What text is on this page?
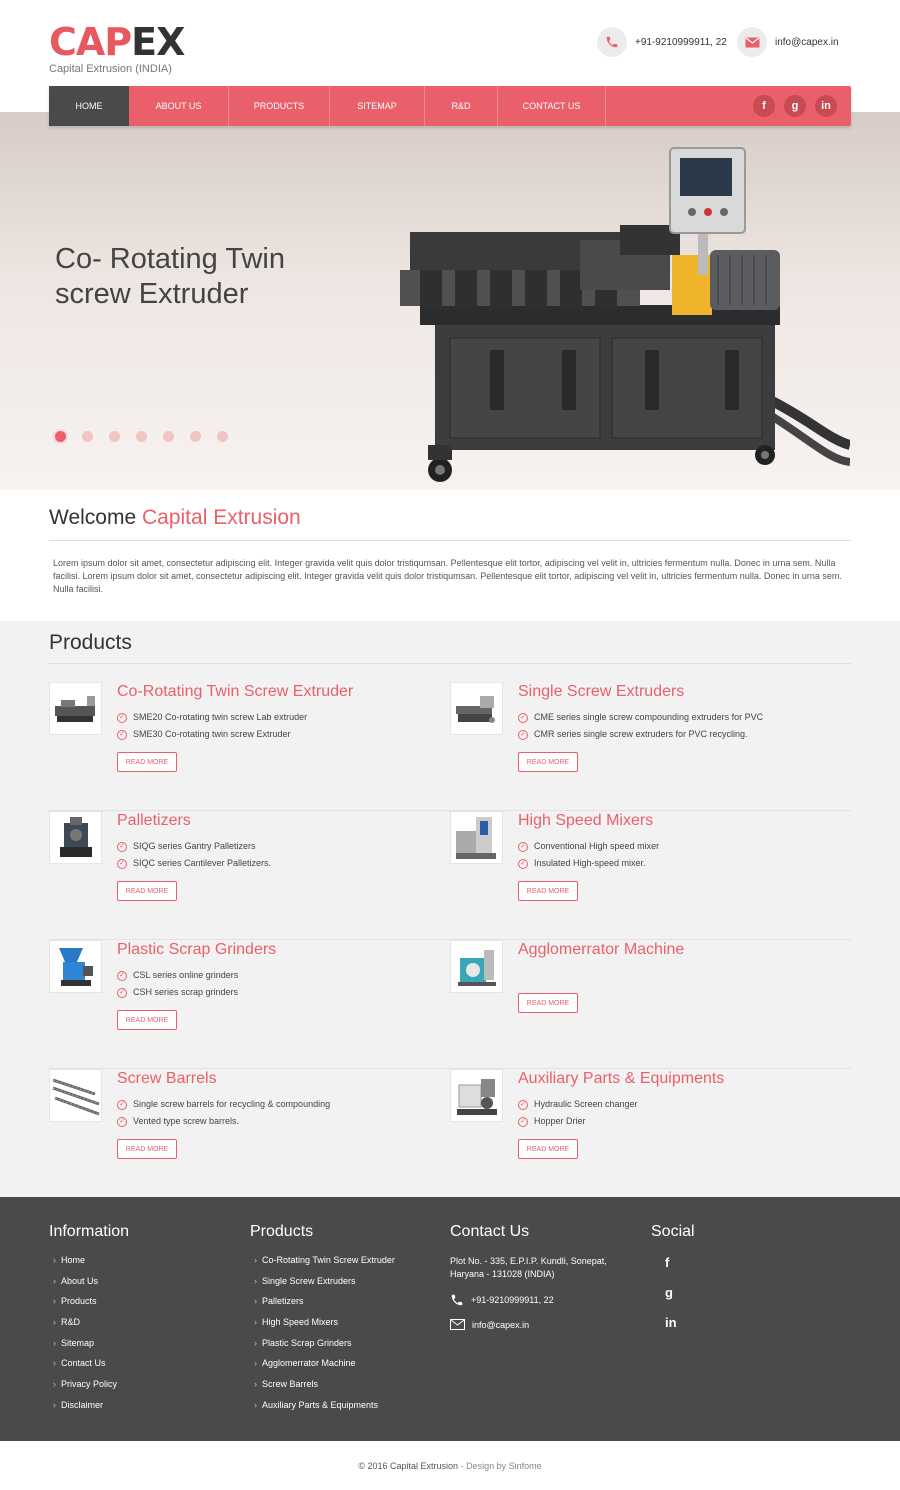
CAPEX
Capital Extrusion (INDIA)
+91-9210999911, 22	info@capex.in
Co- Rotating Twin
screw Extruder
HOME	ABOUT US	PRODUCTS	SITEMAP	R&D	CONTACT US	f	g	in
Welcome Capital Extrusion

Lorem ipsum dolor sit amet, consectetur adipiscing elit. Integer gravida velit quis dolor tristiqumsan. Pellentesque elit tortor, adipiscing vel velit in, ultricies fermentum nulla. Donec in urna sem. Nulla facilisi. Lorem ipsum dolor sit amet, consectetur adipiscing elit. Integer gravida velit quis dolor tristiqumsan. Pellentesque elit tortor, adipiscing vel velit in, ultricies fermentum nulla. Donec in urna sem. Nulla facilisi.

Products
Co-Rotating Twin Screw Extruder
✓ SME20 Co-rotating twin screw Lab extruder
✓ SME30 Co-rotating twin screw Extruder
READ MORE
Single Screw Extruders
✓ CME series single screw compounding extruders for PVC
✓ CMR series single screw extruders for PVC recycling.
READ MORE
Palletizers
✓ SIQG series Gantry Palletizers
✓ SIQC series Cantilever Palletizers.
READ MORE
High Speed Mixers
✓ Conventional High speed mixer
✓ Insulated High-speed mixer.
READ MORE
Plastic Scrap Grinders
✓ CSL series online grinders
✓ CSH series scrap grinders
READ MORE
Agglomerrator Machine
READ MORE
Screw Barrels
✓ Single screw barrels for recycling & compounding
✓ Vented type screw barrels.
READ MORE
Auxiliary Parts & Equipments
✓ Hydraulic Screen changer
✓ Hopper Drier
READ MORE
Information
› Home
› About Us
› Products
› R&D
› Sitemap
› Contact Us
› Privacy Policy
› Disclaimer
Products
› Co-Rotating Twin Screw Extruder
› Single Screw Extruders
› Palletizers
› High Speed Mixers
› Plastic Scrap Grinders
› Agglomerrator Machine
› Screw Barrels
› Auxiliary Parts & Equipments
Contact Us
Plot No. - 335, E.P.I.P. Kundli, Sonepat,
Haryana - 131028 (INDIA)
+91-9210999911, 22
info@capex.in
Social
f
g
in
© 2016 Capital Extrusion - Design by Sinfome
